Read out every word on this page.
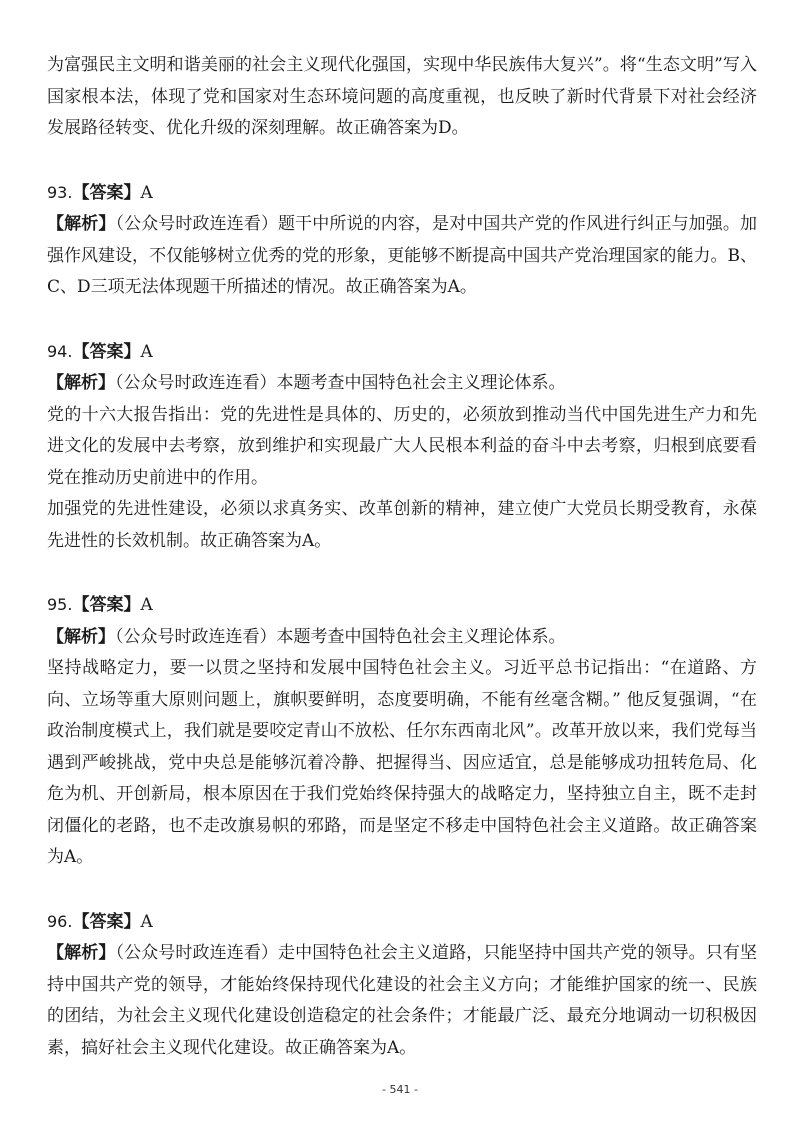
为富强民主文明和谐美丽的社会主义现代化强国，实现中华民族伟大复兴”。将“生态文明”写入国家根本法，体现了党和国家对生态环境问题的高度重视，也反映了新时代背景下对社会经济发展路径转变、优化升级的深刻理解。故正确答案为D。

93.【答案】A

【解析】（公众号时政连连看）题干中所说的内容，是对中国共产党的作风进行纠正与加强。加强作风建设，不仅能够树立优秀的党的形象，更能够不断提高中国共产党治理国家的能力。B、C、D三项无法体现题干所描述的情况。故正确答案为A。

94.【答案】A

【解析】（公众号时政连连看）本题考查中国特色社会主义理论体系。

党的十六大报告指出：党的先进性是具体的、历史的，必须放到推动当代中国先进生产力和先进文化的发展中去考察，放到维护和实现最广大人民根本利益的奋斗中去考察，归根到底要看党在推动历史前进中的作用。

加强党的先进性建设，必须以求真务实、改革创新的精神，建立使广大党员长期受教育，永葆先进性的长效机制。故正确答案为A。

95.【答案】A

【解析】（公众号时政连连看）本题考查中国特色社会主义理论体系。

坚持战略定力，要一以贯之坚持和发展中国特色社会主义。习近平总书记指出：“在道路、方向、立场等重大原则问题上，旗帜要鲜明，态度要明确，不能有丝毫含糊。” 他反复强调，“在政治制度模式上，我们就是要咬定青山不放松、任尔东西南北风”。改革开放以来，我们党每当遇到严峻挑战，党中央总是能够沉着冷静、把握得当、因应适宜，总是能够成功扭转危局、化危为机、开创新局，根本原因在于我们党始终保持强大的战略定力，坚持独立自主，既不走封闭僵化的老路，也不走改旗易帜的邪路，而是坚定不移走中国特色社会主义道路。故正确答案为A。

96.【答案】A

【解析】（公众号时政连连看）走中国特色社会主义道路，只能坚持中国共产党的领导。只有坚持中国共产党的领导，才能始终保持现代化建设的社会主义方向；才能维护国家的统一、民族的团结，为社会主义现代化建设创造稳定的社会条件；才能最广泛、最充分地调动一切积极因素，搞好社会主义现代化建设。故正确答案为A。

- 541 -
